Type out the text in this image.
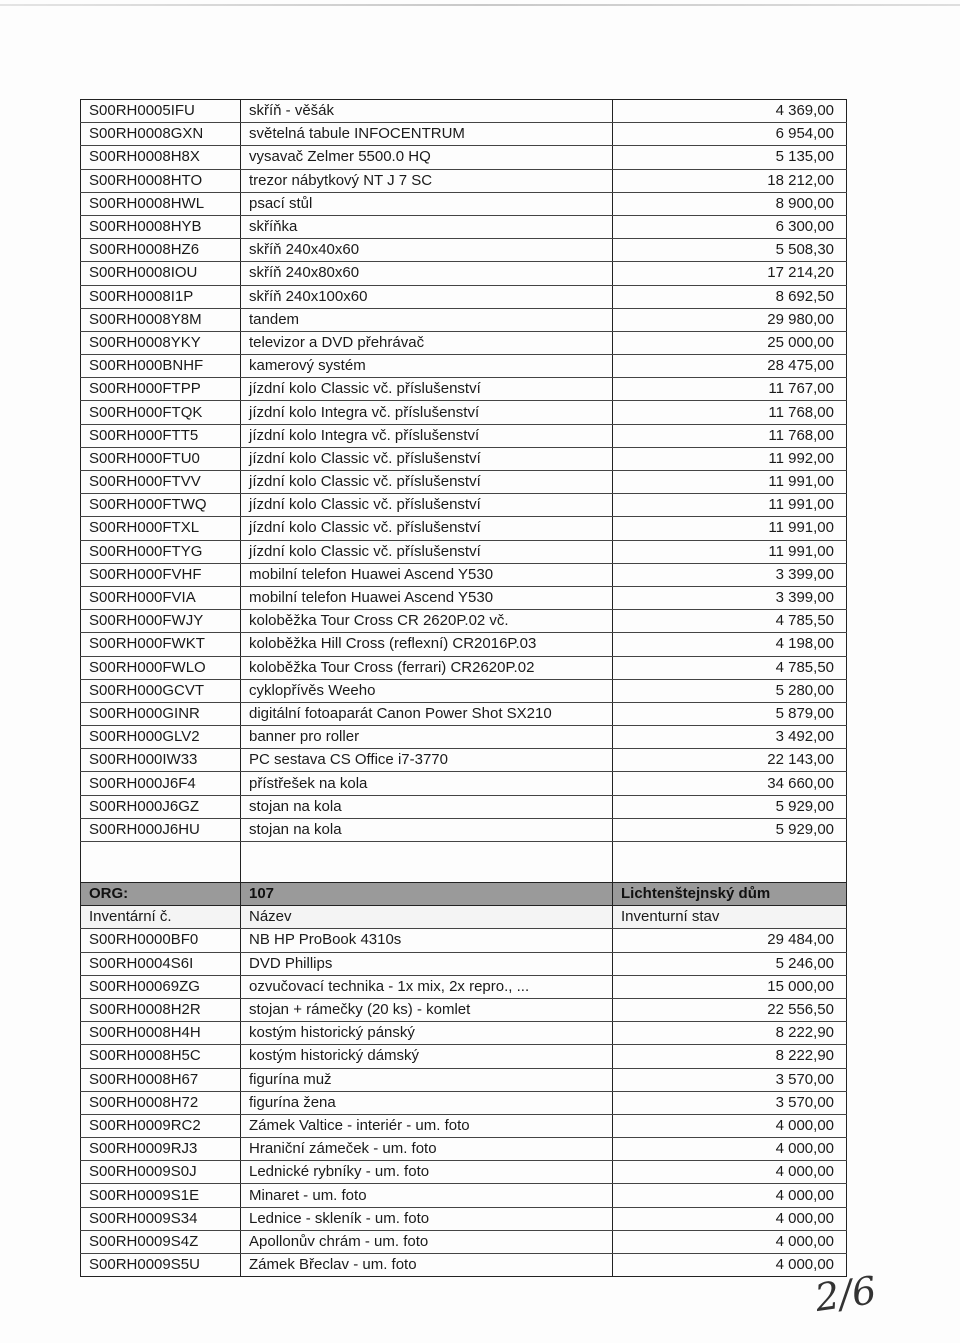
S00RH0005IFU	skříň - věšák	4 369,00
S00RH0008GXN	světelná tabule INFOCENTRUM	6 954,00
S00RH0008H8X	vysavač Zelmer 5500.0 HQ	5 135,00
S00RH0008HTO	trezor nábytkový NT J 7 SC	18 212,00
S00RH0008HWL	psací stůl	8 900,00
S00RH0008HYB	skříňka	6 300,00
S00RH0008HZ6	skříň 240x40x60	5 508,30
S00RH0008IOU	skříň 240x80x60	17 214,20
S00RH0008I1P	skříň 240x100x60	8 692,50
S00RH0008Y8M	tandem	29 980,00
S00RH0008YKY	televizor a DVD přehrávač	25 000,00
S00RH000BNHF	kamerový systém	28 475,00
S00RH000FTPP	jízdní kolo Classic vč. příslušenství	11 767,00
S00RH000FTQK	jízdní kolo Integra vč. příslušenství	11 768,00
S00RH000FTT5	jízdní kolo Integra vč. příslušenství	11 768,00
S00RH000FTU0	jízdní kolo Classic vč. příslušenství	11 992,00
S00RH000FTVV	jízdní kolo Classic vč. příslušenství	11 991,00
S00RH000FTWQ	jízdní kolo Classic vč. příslušenství	11 991,00
S00RH000FTXL	jízdní kolo Classic vč. příslušenství	11 991,00
S00RH000FTYG	jízdní kolo Classic vč. příslušenství	11 991,00
S00RH000FVHF	mobilní telefon Huawei Ascend Y530	3 399,00
S00RH000FVIA	mobilní telefon Huawei Ascend Y530	3 399,00
S00RH000FWJY	koloběžka Tour Cross CR 2620P.02 vč.	4 785,50
S00RH000FWKT	koloběžka Hill Cross (reflexní) CR2016P.03	4 198,00
S00RH000FWLO	koloběžka Tour Cross (ferrari) CR2620P.02	4 785,50
S00RH000GCVT	cyklopřívěs Weeho	5 280,00
S00RH000GINR	digitální fotoaparát Canon Power Shot SX210	5 879,00
S00RH000GLV2	banner pro roller	3 492,00
S00RH000IW33	PC sestava CS Office i7-3770	22 143,00
S00RH000J6F4	přístřešek na kola	34 660,00
S00RH000J6GZ	stojan na kola	5 929,00
S00RH000J6HU	stojan na kola	5 929,00

ORG:	107	Lichtenštejnský dům
Inventární č.	Název	Inventurní stav
S00RH0000BF0	NB HP ProBook 4310s	29 484,00
S00RH0004S6I	DVD Phillips	5 246,00
S00RH00069ZG	ozvučovací technika - 1x mix, 2x repro., ...	15 000,00
S00RH0008H2R	stojan + rámečky (20 ks) - komlet	22 556,50
S00RH0008H4H	kostým historický pánský	8 222,90
S00RH0008H5C	kostým historický dámský	8 222,90
S00RH0008H67	figurína muž	3 570,00
S00RH0008H72	figurína žena	3 570,00
S00RH0009RC2	Zámek Valtice - interiér - um. foto	4 000,00
S00RH0009RJ3	Hraniční zámeček - um. foto	4 000,00
S00RH0009S0J	Lednické rybníky - um. foto	4 000,00
S00RH0009S1E	Minaret - um. foto	4 000,00
S00RH0009S34	Lednice - skleník - um. foto	4 000,00
S00RH0009S4Z	Apollonův chrám - um. foto	4 000,00
S00RH0009S5U	Zámek Břeclav - um. foto	4 000,00
2/6
